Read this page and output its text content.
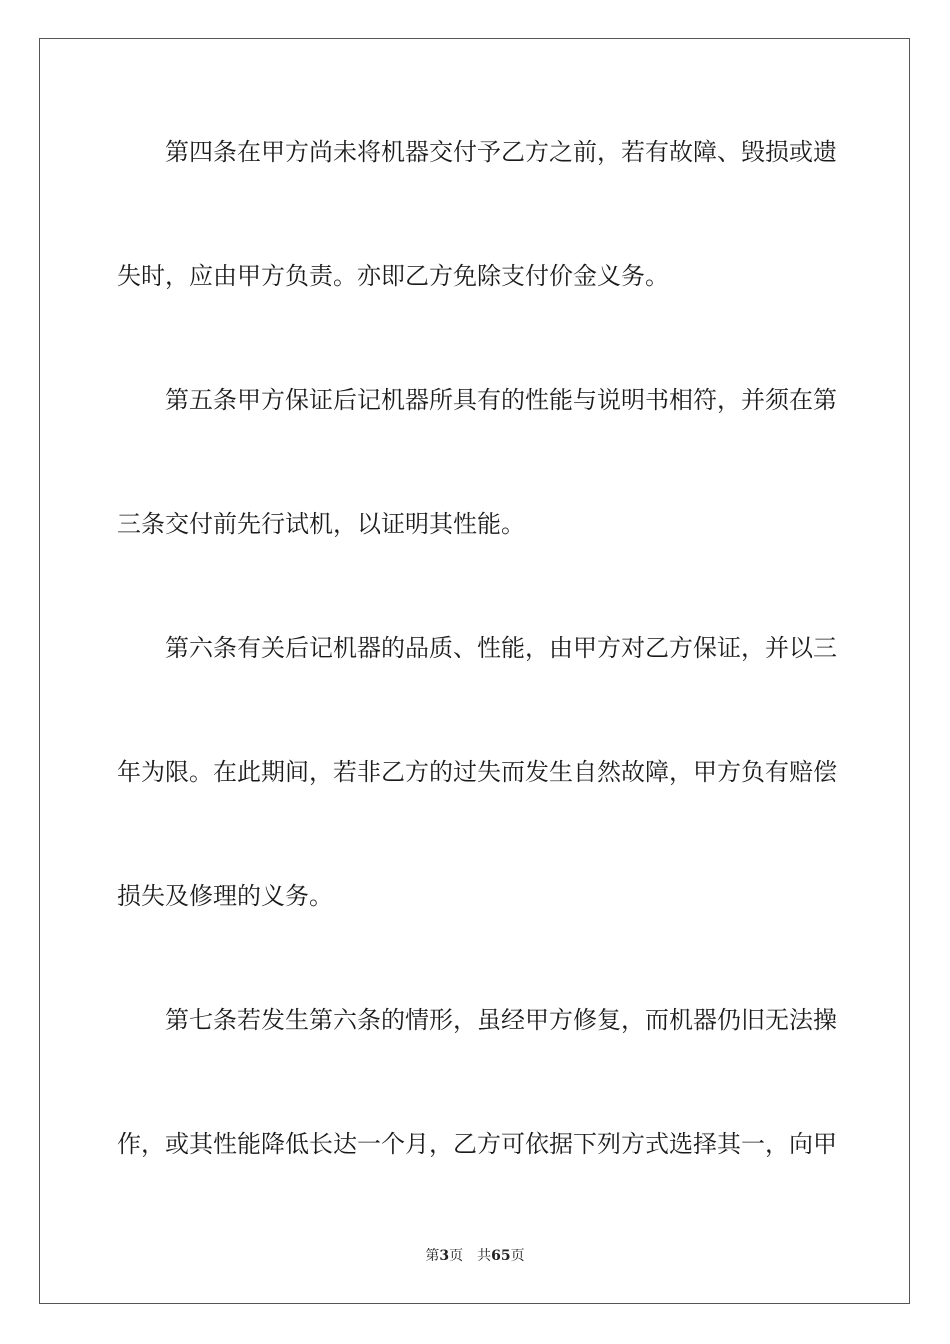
第四条在甲方尚未将机器交付予乙方之前，若有故障、毁损或遗
失时，应由甲方负责。亦即乙方免除支付价金义务。
第五条甲方保证后记机器所具有的性能与说明书相符，并须在第
三条交付前先行试机，以证明其性能。
第六条有关后记机器的品质、性能，由甲方对乙方保证，并以三
年为限。在此期间，若非乙方的过失而发生自然故障，甲方负有赔偿
损失及修理的义务。
第七条若发生第六条的情形，虽经甲方修复，而机器仍旧无法操
作，或其性能降低长达一个月，乙方可依据下列方式选择其一，向甲
第3页 共65页
